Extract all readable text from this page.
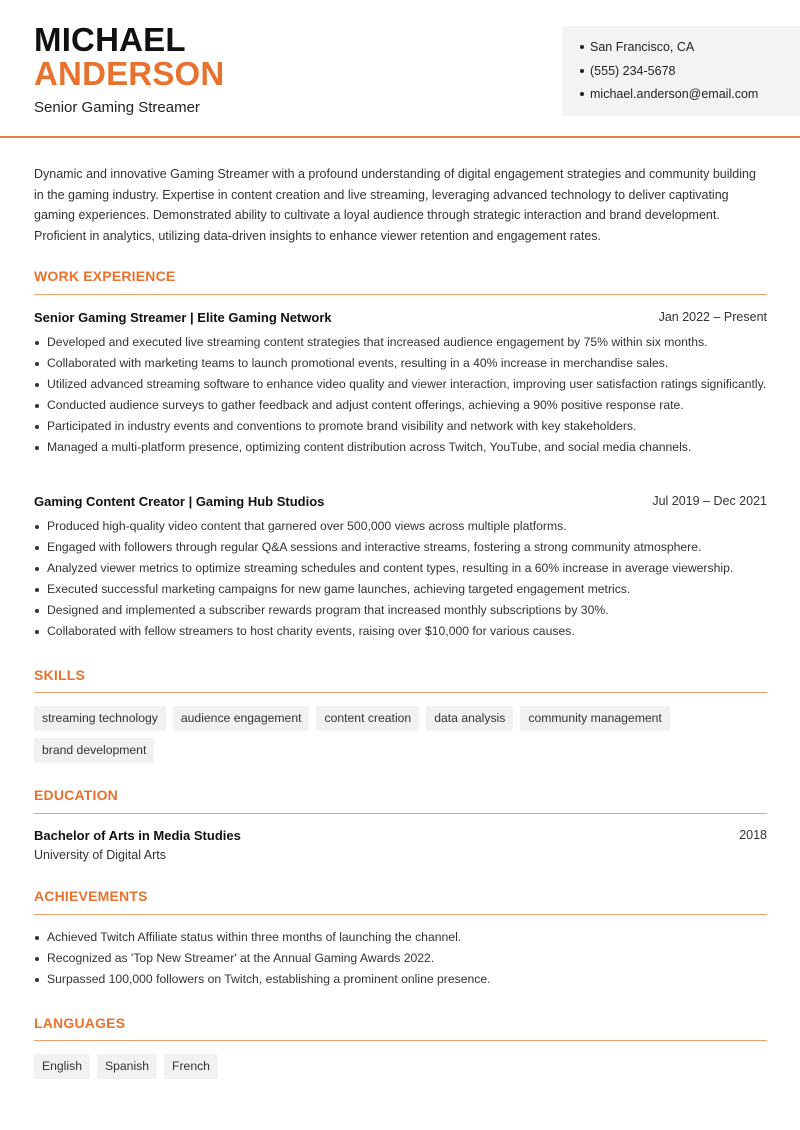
MICHAEL
ANDERSON
Senior Gaming Streamer
San Francisco, CA
(555) 234-5678
michael.anderson@email.com
Dynamic and innovative Gaming Streamer with a profound understanding of digital engagement strategies and community building in the gaming industry. Expertise in content creation and live streaming, leveraging advanced technology to deliver captivating gaming experiences. Demonstrated ability to cultivate a loyal audience through strategic interaction and brand development. Proficient in analytics, utilizing data-driven insights to enhance viewer retention and engagement rates.
WORK EXPERIENCE
Senior Gaming Streamer | Elite Gaming Network	Jan 2022 – Present
Developed and executed live streaming content strategies that increased audience engagement by 75% within six months.
Collaborated with marketing teams to launch promotional events, resulting in a 40% increase in merchandise sales.
Utilized advanced streaming software to enhance video quality and viewer interaction, improving user satisfaction ratings significantly.
Conducted audience surveys to gather feedback and adjust content offerings, achieving a 90% positive response rate.
Participated in industry events and conventions to promote brand visibility and network with key stakeholders.
Managed a multi-platform presence, optimizing content distribution across Twitch, YouTube, and social media channels.
Gaming Content Creator | Gaming Hub Studios	Jul 2019 – Dec 2021
Produced high-quality video content that garnered over 500,000 views across multiple platforms.
Engaged with followers through regular Q&A sessions and interactive streams, fostering a strong community atmosphere.
Analyzed viewer metrics to optimize streaming schedules and content types, resulting in a 60% increase in average viewership.
Executed successful marketing campaigns for new game launches, achieving targeted engagement metrics.
Designed and implemented a subscriber rewards program that increased monthly subscriptions by 30%.
Collaborated with fellow streamers to host charity events, raising over $10,000 for various causes.
SKILLS
streaming technology	audience engagement	content creation	data analysis	community management
brand development
EDUCATION
Bachelor of Arts in Media Studies	2018
University of Digital Arts
ACHIEVEMENTS
Achieved Twitch Affiliate status within three months of launching the channel.
Recognized as 'Top New Streamer' at the Annual Gaming Awards 2022.
Surpassed 100,000 followers on Twitch, establishing a prominent online presence.
LANGUAGES
English	Spanish	French
